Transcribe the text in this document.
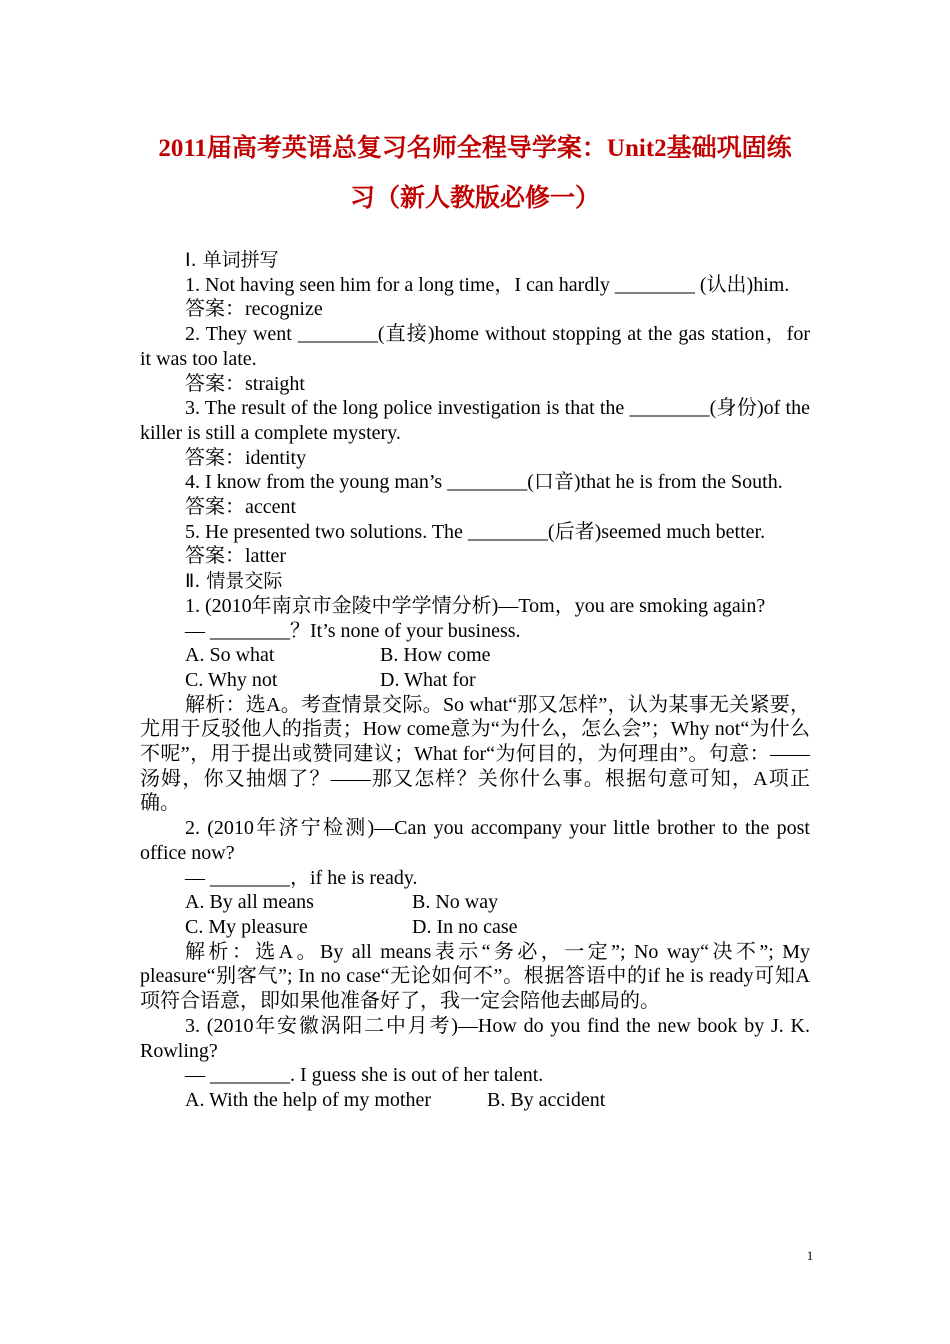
2011届高考英语总复习名师全程导学案：Unit2基础巩固练
习（新人教版必修一）

Ⅰ. 单词拼写

1. Not having seen him for a long time，I can hardly ________ (认出)him.

答案：recognize

2. They went ________(直接)home without stopping at the gas station，for it was too late.

答案：straight

3. The result of the long police investigation is that the ________(身份)of the killer is still a complete mystery.

答案：identity

4. I know from the young man’s ________(口音)that he is from the South.

答案：accent

5. He presented two solutions. The ________(后者)seemed much better.

答案：latter

Ⅱ. 情景交际

1. (2010年南京市金陵中学学情分析)—Tom，you are smoking again?

— ________？It’s none of your business.

A. So what	B. How come

C. Why not	D. What for

解析：选A。考查情景交际。So what“那又怎样”，认为某事无关紧要，尤用于反驳他人的指责；How come意为“为什么，怎么会”；Why not“为什么不呢”，用于提出或赞同建议；What for“为何目的，为何理由”。句意：——汤姆，你又抽烟了？——那又怎样？关你什么事。根据句意可知，A项正确。

2. (2010年济宁检测)—Can you accompany your little brother to the post office now?

— ________，if he is ready.

A. By all means	B. No way

C. My pleasure	D. In no case

解析：选A。By all means表示“务必，一定”; No way“决不”; My pleasure“别客气”; In no case“无论如何不”。根据答语中的if he is ready可知A项符合语意，即如果他准备好了，我一定会陪他去邮局的。

3. (2010年安徽涡阳二中月考)—How do you find the new book by J. K. Rowling?

— ________. I guess she is out of her talent.

A. With the help of my mother	B. By accident

1
